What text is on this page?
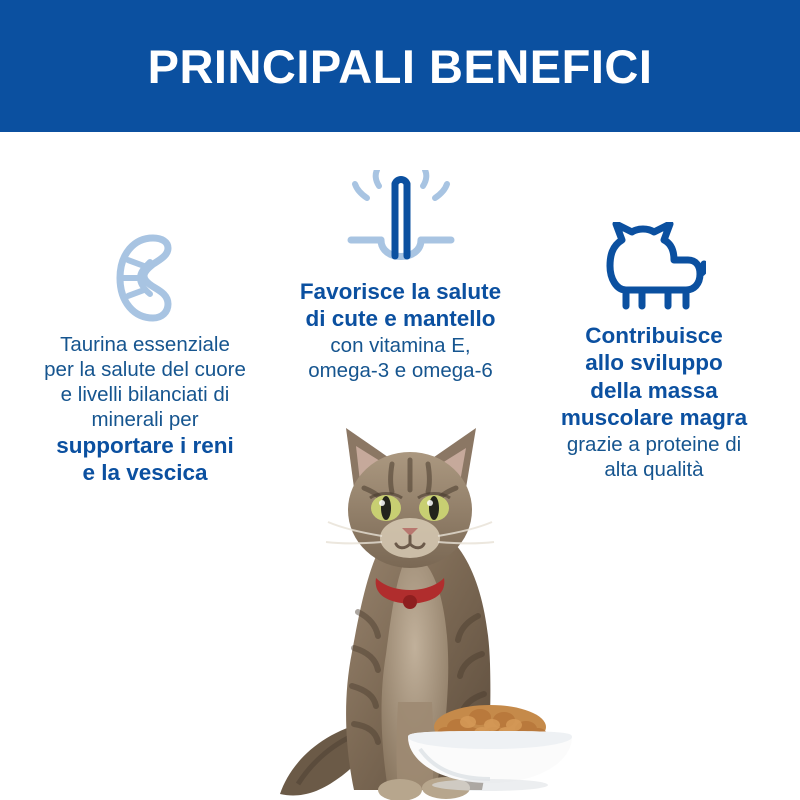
PRINCIPALI BENEFICI
Taurina essenziale
per la salute del cuore
e livelli bilanciati di
minerali per
supportare i reni
e la vescica
Favorisce la salute
di cute e mantello
con vitamina E,
omega-3 e omega-6
Contribuisce
allo sviluppo
della massa
muscolare magra
grazie a proteine di
alta qualità
